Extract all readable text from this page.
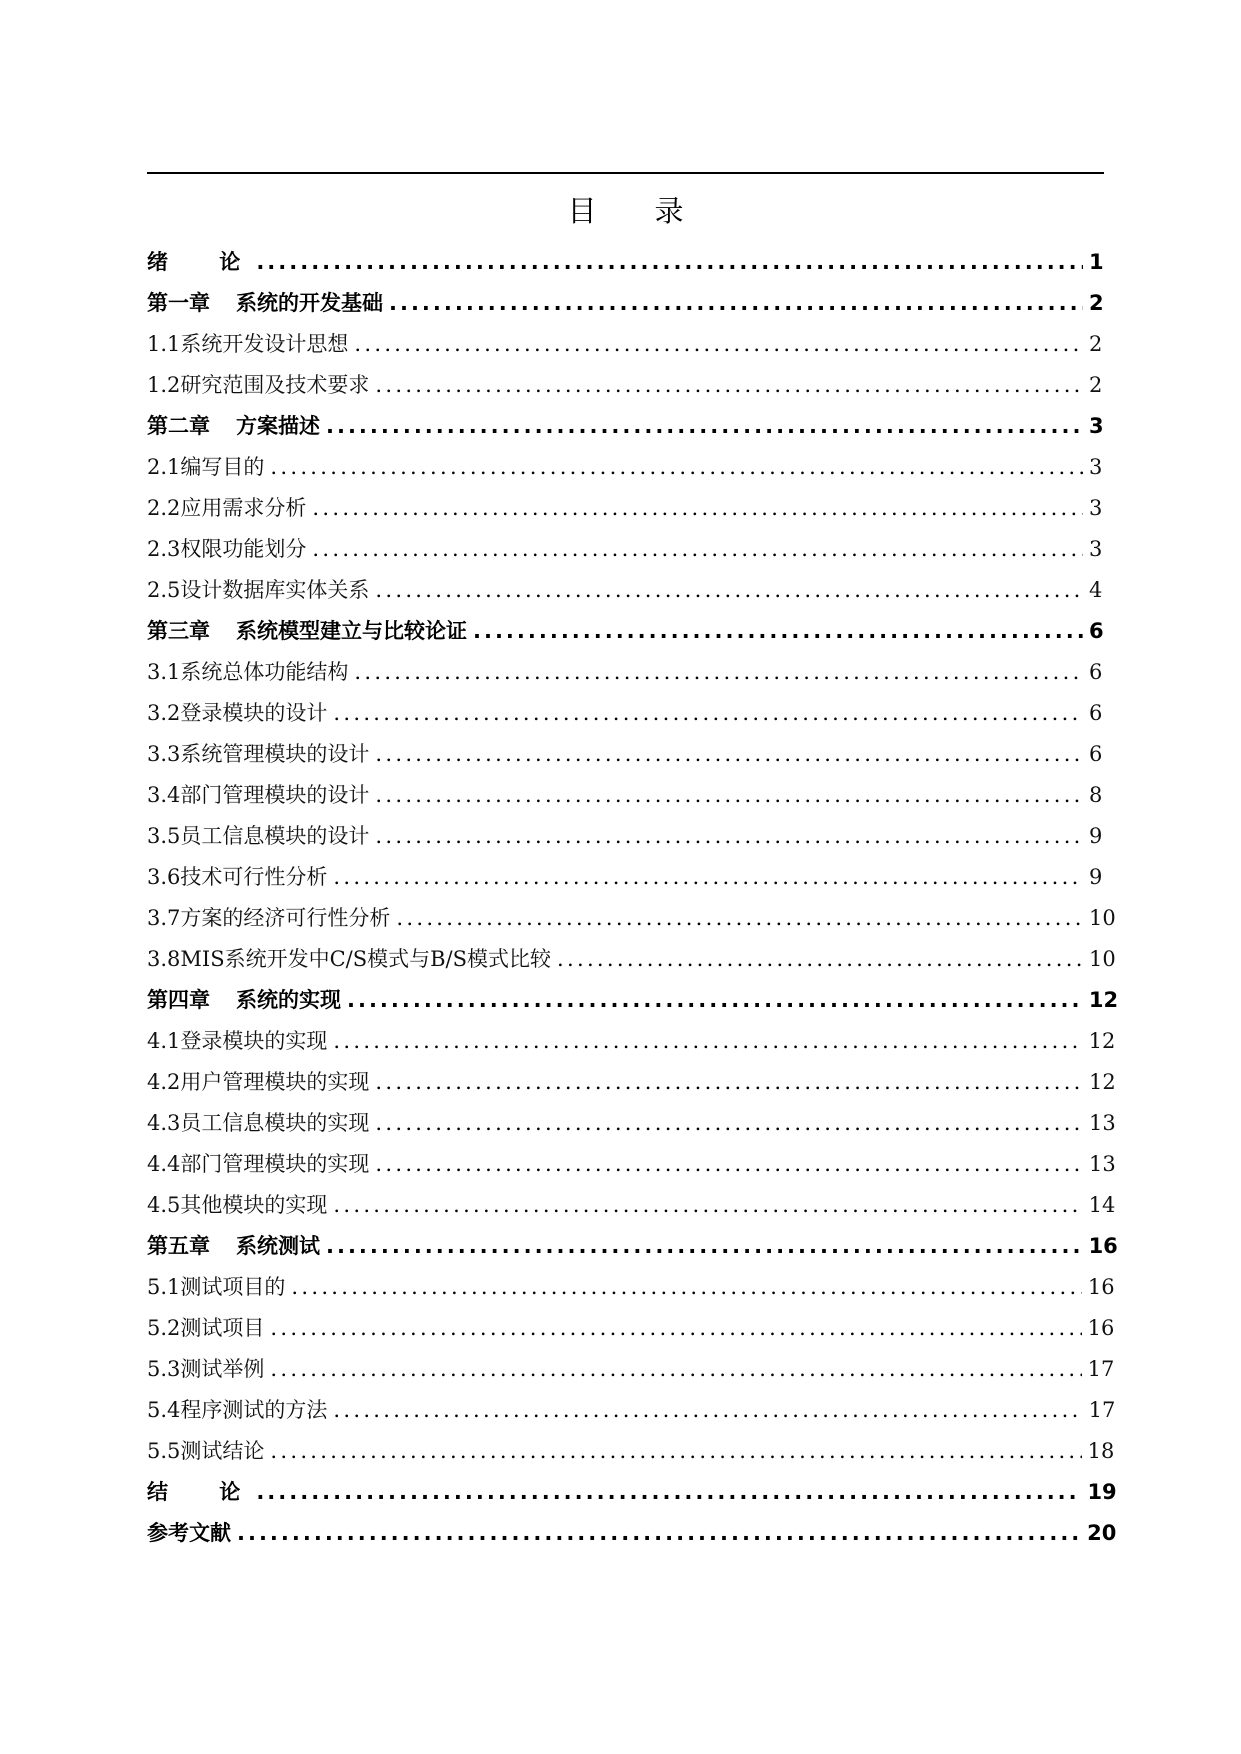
目 录
绪 论 .....	1
第一章 系统的开发基础 .....	2
1.1 系统开发设计思想 .....	2
1.2 研究范围及技术要求 .....	2
第二章 方案描述 .....	3
2.1 编写目的 .....	3
2.2 应用需求分析 .....	3
2.3 权限功能划分 .....	3
2.5 设计数据库实体关系 .....	4
第三章 系统模型建立与比较论证 .....	6
3.1 系统总体功能结构 .....	6
3.2 登录模块的设计 .....	6
3.3 系统管理模块的设计 .....	6
3.4 部门管理模块的设计 .....	8
3.5 员工信息模块的设计 .....	9
3.6 技术可行性分析 .....	9
3.7 方案的经济可行性分析 .....	10
3.8 MIS系统开发中C/S模式与B/S模式比较 .....	10
第四章 系统的实现 .....	12
4.1 登录模块的实现 .....	12
4.2 用户管理模块的实现 .....	12
4.3 员工信息模块的实现 .....	13
4.4 部门管理模块的实现 .....	13
4.5 其他模块的实现 .....	14
第五章 系统测试 .....	16
5.1 测试项目的 .....	16
5.2 测试项目 .....	16
5.3 测试举例 .....	17
5.4 程序测试的方法 .....	17
5.5 测试结论 .....	18
结 论 .....	19
参考文献 .....	20
